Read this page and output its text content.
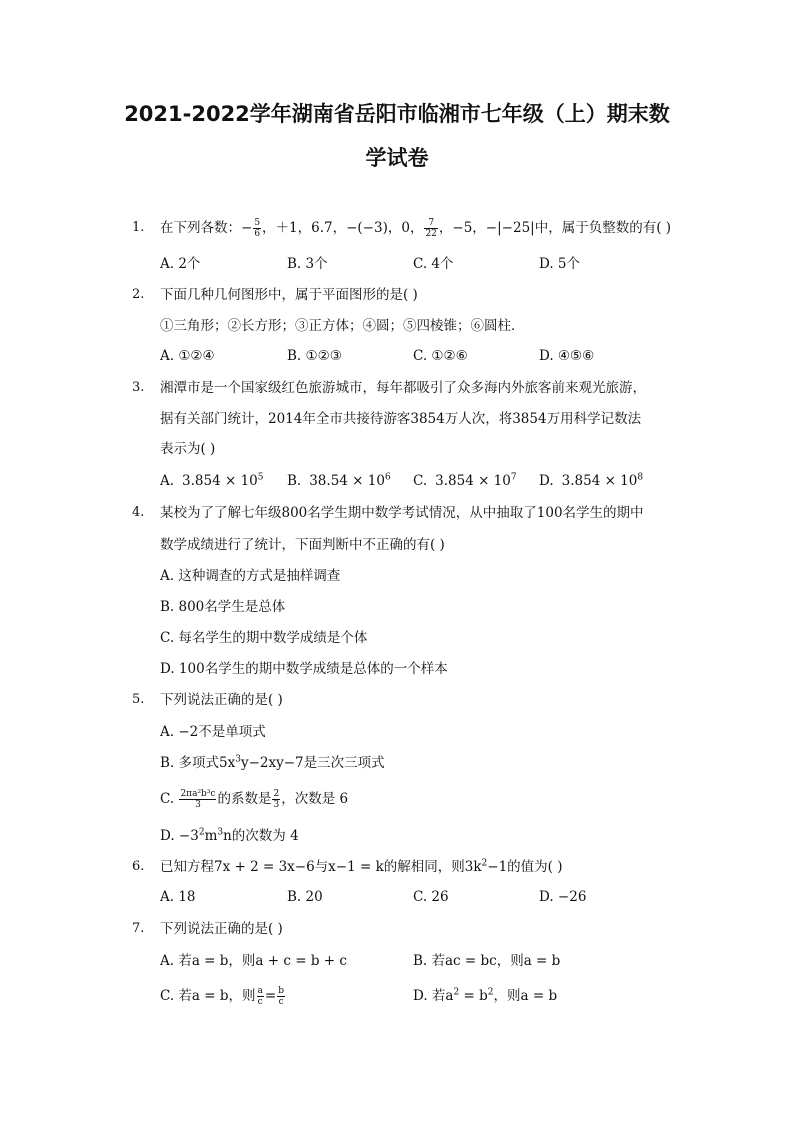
2021-2022学年湖南省岳阳市临湘市七年级（上）期末数
学试卷
1. 在下列各数：− $\frac{5}{6}$ ，＋1，6.7，−(−3)，0， $\frac{7}{22}$ ，−5，−|−25|中，属于负整数的有( )
A. 2个	B. 3个	C. 4个	D. 5个
2. 下面几种几何图形中，属于平面图形的是( )
①三角形；②长方形；③正方体；④圆；⑤四棱锥；⑥圆柱．
A. ①②④	B. ①②③	C. ①②⑥	D. ④⑤⑥
3. 湘潭市是一个国家级红色旅游城市，每年都吸引了众多海内外旅客前来观光旅游，
据有关部门统计，2014年全市共接待游客3854万人次，将3854万用科学记数法
表示为( )
A. $3.854 \times 10^5$ B. $38.54 \times 10^6$ C. $3.854 \times 10^7$ D. $3.854 \times 10^8$
4. 某校为了了解七年级800名学生期中数学考试情况，从中抽取了100名学生的期中
数学成绩进行了统计，下面判断中不正确的有( )
A. 这种调查的方式是抽样调查
B. 800名学生是总体
C. 每名学生的期中数学成绩是个体
D. 100名学生的期中数学成绩是总体的一个样本
5. 下列说法正确的是( )
A. −2不是单项式
B. 多项式$5x^3y-2xy-7$是三次三项式
C. $\frac{\text{2πa²b³c}}{3}$ 的系数是 $\frac{2}{3}$ ，次数是 6
D. $-3^2m^3n$的次数为 4
6. 已知方程7x + 2 = 3x−6与x−1 = k的解相同，则$3k^2-1$的值为( )
A. 18	B. 20	C. 26	D. −26
7. 下列说法正确的是( )
A. 若a = b，则a + c = b + c	B. 若ac = bc，则a = b
C. 若a = b，则 $\frac{a}{c} = \frac{b}{c}$	D. 若$a^2 = b^2$，则a = b
